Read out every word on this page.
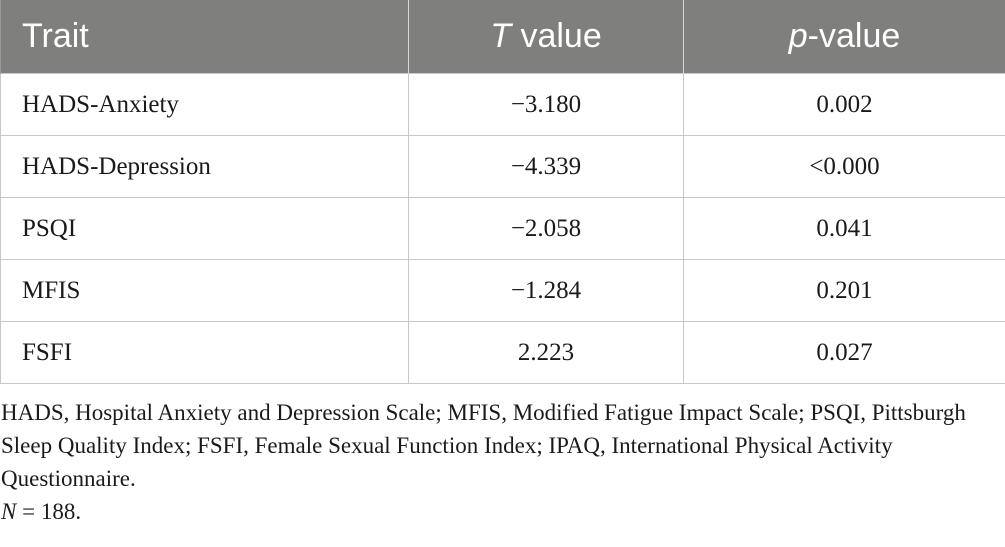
Trait	T value	p-value
HADS-Anxiety	−3.180	0.002
HADS-Depression	−4.339	<0.000
PSQI	−2.058	0.041
MFIS	−1.284	0.201
FSFI	2.223	0.027

HADS, Hospital Anxiety and Depression Scale; MFIS, Modified Fatigue Impact Scale; PSQI, Pittsburgh Sleep Quality Index; FSFI, Female Sexual Function Index; IPAQ, International Physical Activity Questionnaire.

N = 188.
